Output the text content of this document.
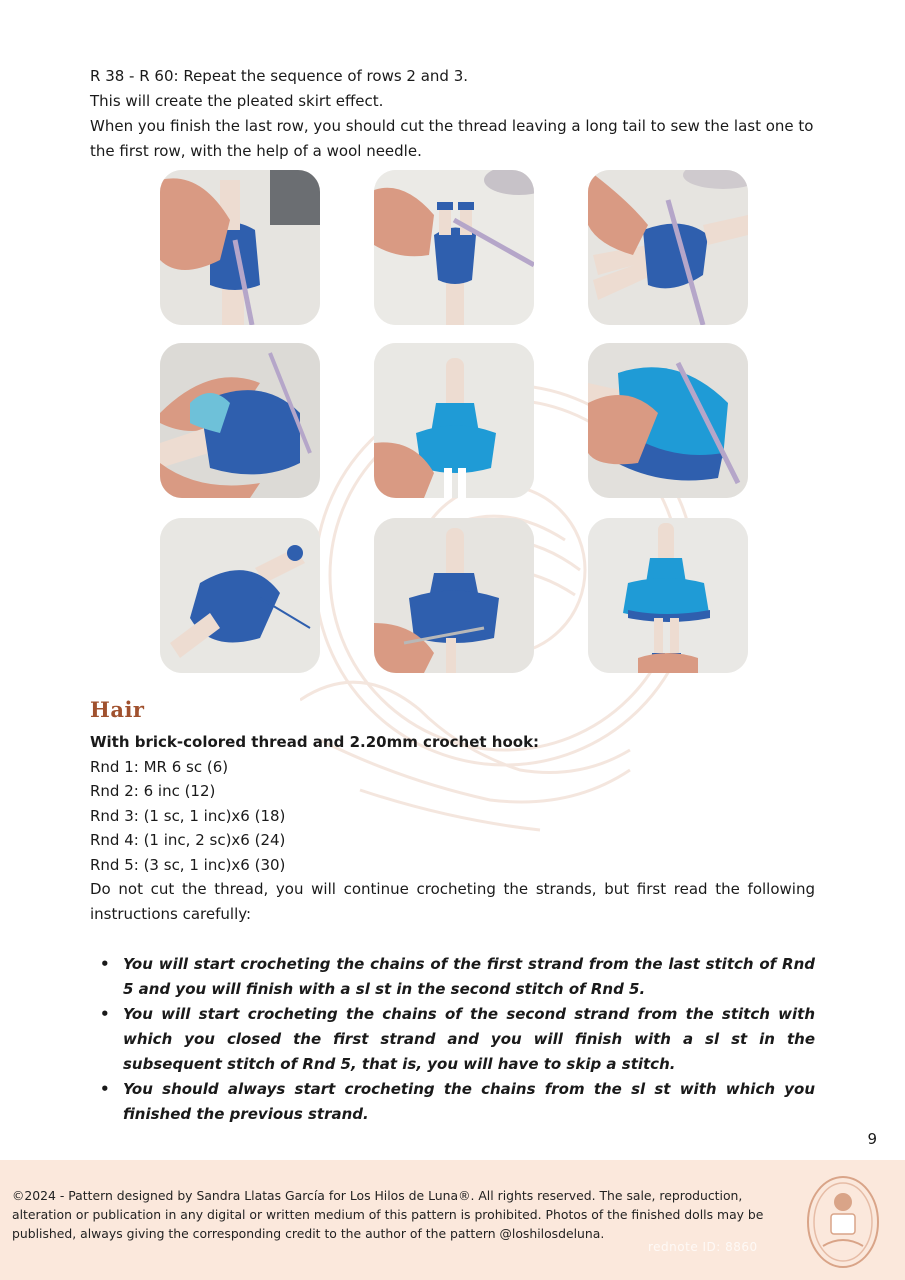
R 38 - R 60: Repeat the sequence of rows 2 and 3.

This will create the pleated skirt effect.

When you finish the last row, you should cut the thread leaving a long tail to sew the last one to the first row, with the help of a wool needle.

Hair

With brick-colored thread and 2.20mm crochet hook:

Rnd 1: MR 6 sc (6)

Rnd 2: 6 inc (12)

Rnd 3: (1 sc, 1 inc)x6 (18)

Rnd 4: (1 inc, 2 sc)x6 (24)

Rnd 5: (3 sc, 1 inc)x6 (30)

Do not cut the thread, you will continue crocheting the strands, but first read the following instructions carefully:

• You will start crocheting the chains of the first strand from the last stitch of Rnd 5 and you will finish with a sl st in the second stitch of Rnd 5.
• You will start crocheting the chains of the second strand from the stitch with which you closed the first strand and you will finish with a sl st in the subsequent stitch of Rnd 5, that is, you will have to skip a stitch.
• You should always start crocheting the chains from the sl st with which you finished the previous strand.
9

©2024 - Pattern designed by Sandra Llatas García for Los Hilos de Luna®. All rights reserved. The sale, reproduction, alteration or publication in any digital or written medium of this pattern is prohibited. Photos of the finished dolls may be published, always giving the corresponding credit to the author of the pattern @loshilosdeluna.

rednote ID: 8860
